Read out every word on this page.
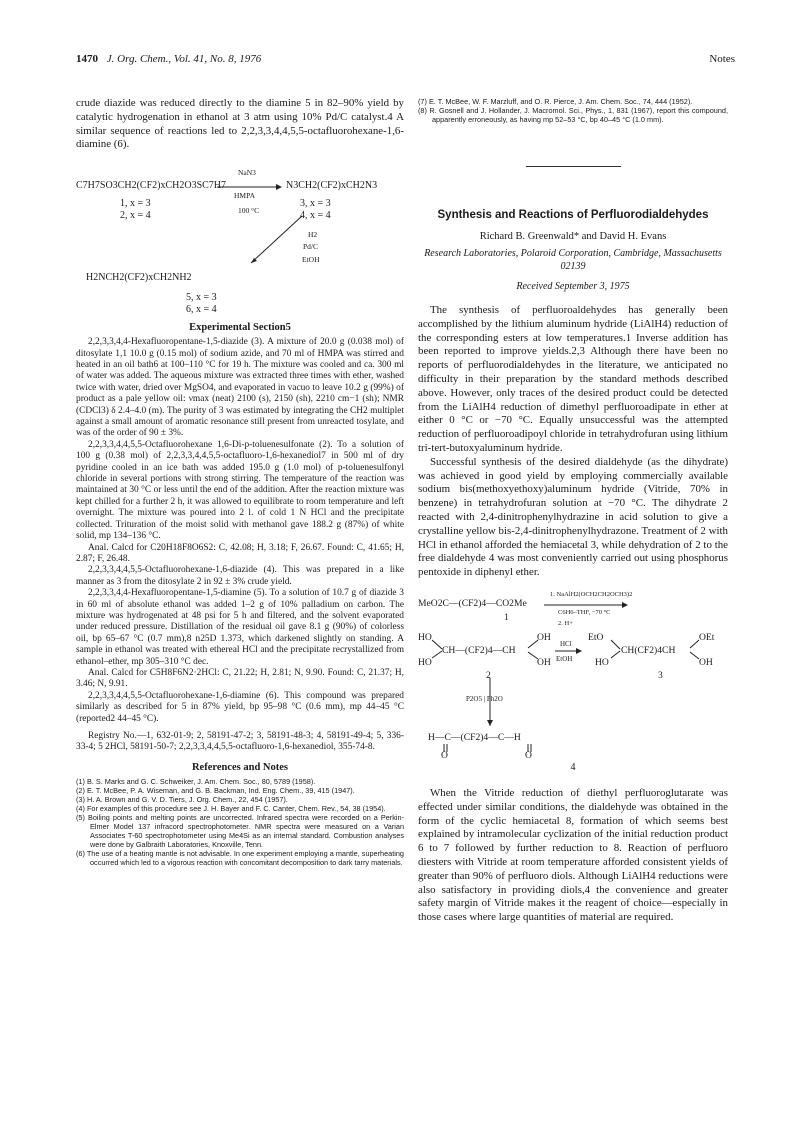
1470 J. Org. Chem., Vol. 41, No. 8, 1976	Notes

crude diazide was reduced directly to the diamine 5 in 82–90% yield by catalytic hydrogenation in ethanol at 3 atm using 10% Pd/C catalyst.4 A similar sequence of reactions led to 2,2,3,3,4,4,5,5-octafluorohexane-1,6-diamine (6).

C7H7SO3CH2(CF2)xCH2O3SC7H7
NaN3
HMPA
100 °C
N3CH2(CF2)xCH2N3
1, x = 3
2, x = 4
3, x = 3
4, x = 4
H2
Pd/C
EtOH
H2NCH2(CF2)xCH2NH2
5, x = 3
6, x = 4

Experimental Section5

2,2,3,3,4,4-Hexafluoropentane-1,5-diazide (3). A mixture of 20.0 g (0.038 mol) of ditosylate 1,1 10.0 g (0.15 mol) of sodium azide, and 70 ml of HMPA was stirred and heated in an oil bath6 at 100–110 °C for 19 h. The mixture was cooled and ca. 300 ml of water was added. The aqueous mixture was extracted three times with ether, washed twice with water, dried over MgSO4, and evaporated in vacuo to leave 10.2 g (99%) of product as a pale yellow oil: νmax (neat) 2100 (s), 2150 (sh), 2210 cm−1 (sh); NMR (CDCl3) δ 2.4–4.0 (m). The purity of 3 was estimated by integrating the CH2 multiplet against a small amount of aromatic resonance still present from unreacted tosylate, and was of the order of 90 ± 3%.

2,2,3,3,4,4,5,5-Octafluorohexane 1,6-Di-p-toluenesulfonate (2). To a solution of 100 g (0.38 mol) of 2,2,3,3,4,4,5,5-octafluoro-1,6-hexanediol7 in 500 ml of dry pyridine cooled in an ice bath was added 195.0 g (1.0 mol) of p-toluenesulfonyl chloride in several portions with strong stirring. The temperature of the reaction was maintained at 30 °C or less until the end of the addition. After the reaction mixture was kept chilled for a further 2 h, it was allowed to equilibrate to room temperature and left overnight. The mixture was poured into 2 l. of cold 1 N HCl and the precipitate collected. Trituration of the moist solid with methanol gave 188.2 g (87%) of white solid, mp 134–136 °C.

Anal. Calcd for C20H18F8O6S2: C, 42.08; H, 3.18; F, 26.67. Found: C, 41.65; H, 2.87; F, 26.48.

2,2,3,3,4,4,5,5-Octafluorohexane-1,6-diazide (4). This was prepared in a like manner as 3 from the ditosylate 2 in 92 ± 3% crude yield.

2,2,3,3,4,4-Hexafluoropentane-1,5-diamine (5). To a solution of 10.7 g of diazide 3 in 60 ml of absolute ethanol was added 1–2 g of 10% palladium on carbon. The mixture was hydrogenated at 48 psi for 5 h and filtered, and the solvent evaporated under reduced pressure. Distillation of the residual oil gave 8.1 g (90%) of colorless oil, bp 65–67 °C (0.7 mm),8 n25D 1.373, which darkened slightly on standing. A sample in ethanol was treated with ethereal HCl and the precipitate recrystallized from ethanol–ether, mp 305–310 °C dec.

Anal. Calcd for C5H8F6N2·2HCl: C, 21.22; H, 2.81; N, 9.90. Found: C, 21.37; H, 3.46; N, 9.91.

2,2,3,3,4,4,5,5-Octafluorohexane-1,6-diamine (6). This compound was prepared similarly as described for 5 in 87% yield, bp 95–98 °C (0.6 mm), mp 44–45 °C (reported2 44–45 °C).

Registry No.—1, 632-01-9; 2, 58191-47-2; 3, 58191-48-3; 4, 58191-49-4; 5, 336-33-4; 5 2HCl, 58191-50-7; 2,2,3,3,4,4,5,5-octafluoro-1,6-hexanediol, 355-74-8.

References and Notes

(1) B. S. Marks and G. C. Schweiker, J. Am. Chem. Soc., 80, 5789 (1958).

(2) E. T. McBee, P. A. Wiseman, and G. B. Backman, Ind. Eng. Chem., 39, 415 (1947).

(3) H. A. Brown and G. V. D. Tiers, J. Org. Chem., 22, 454 (1957).

(4) For examples of this procedure see J. H. Bayer and F. C. Canter, Chem. Rev., 54, 38 (1954).

(5) Boiling points and melting points are uncorrected. Infrared spectra were recorded on a Perkin-Elmer Model 137 infracord spectrophotometer. NMR spectra were measured on a Varian Associates T-60 spectrophotometer using Me4Si as an internal standard. Combustion analyses were done by Galbraith Laboratories, Knoxville, Tenn.

(6) The use of a heating mantle is not advisable. In one experiment employing a mantle, superheating occurred which led to a vigorous reaction with concomitant decomposition to dark tarry materials.

(7) E. T. McBee, W. F. Marzluff, and O. R. Pierce, J. Am. Chem. Soc., 74, 444 (1952).

(8) R. Gosnell and J. Hollander, J. Macromol. Sci., Phys., 1, 831 (1967), report this compound, apparently erroneously, as having mp 52–53 °C, bp 40–45 °C (1.0 mm).

Synthesis and Reactions of Perfluorodialdehydes

Richard B. Greenwald* and David H. Evans

Research Laboratories, Polaroid Corporation, Cambridge, Massachusetts 02139

Received September 3, 1975

The synthesis of perfluoroaldehydes has generally been accomplished by the lithium aluminum hydride (LiAlH4) reduction of the corresponding esters at low temperatures.1 Inverse addition has been reported to improve yields.2,3 Although there have been no reports of perfluorodialdehydes in the literature, we anticipated no difficulty in their preparation by the standard methods described above. However, only traces of the desired product could be detected from the LiAlH4 reduction of dimethyl perfluoroadipate in ether at either 0 °C or −70 °C. Equally unsuccessful was the attempted reduction of perfluoroadipoyl chloride in tetrahydrofuran using lithium tri-tert-butoxyaluminum hydride.

Successful synthesis of the desired dialdehyde (as the dihydrate) was achieved in good yield by employing commercially available sodium bis(methoxyethoxy)aluminum hydride (Vitride, 70% in benzene) in tetrahydrofuran solution at −70 °C. The dihydrate 2 reacted with 2,4-dinitrophenylhydrazine in acid solution to give a crystalline yellow bis-2,4-dinitrophenylhydrazone. Treatment of 2 with HCl in ethanol afforded the hemiacetal 3, while dehydration of 2 to the free dialdehyde 4 was most conveniently carried out using phosphorus pentoxide in diphenyl ether.

MeO2C—(CF2)4—CO2Me
1. NaAlH2(OCH2CH2OCH3)2
C6H6–THF, −70 °C
2. H+
1
HO
HO
CH—(CF2)4—CH
OH
OH
HCl
EtOH
EtO	OEt
CH(CF2)4CH
HO	OH
2	3
P2O5 | Ph2O
H—C—(CF2)4—C—H
O	O

4

When the Vitride reduction of diethyl perfluoroglutarate was effected under similar conditions, the dialdehyde was obtained in the form of the cyclic hemiacetal 8, formation of which seems best explained by intramolecular cyclization of the initial reduction product 6 to 7 followed by further reduction to 8. Reaction of perfluoro diesters with Vitride at room temperature afforded consistent yields of greater than 90% of perfluoro diols. Although LiAlH4 reductions were also satisfactory in providing diols,4 the convenience and greater safety margin of Vitride makes it the reagent of choice—especially in those cases where large quantities of material are required.
